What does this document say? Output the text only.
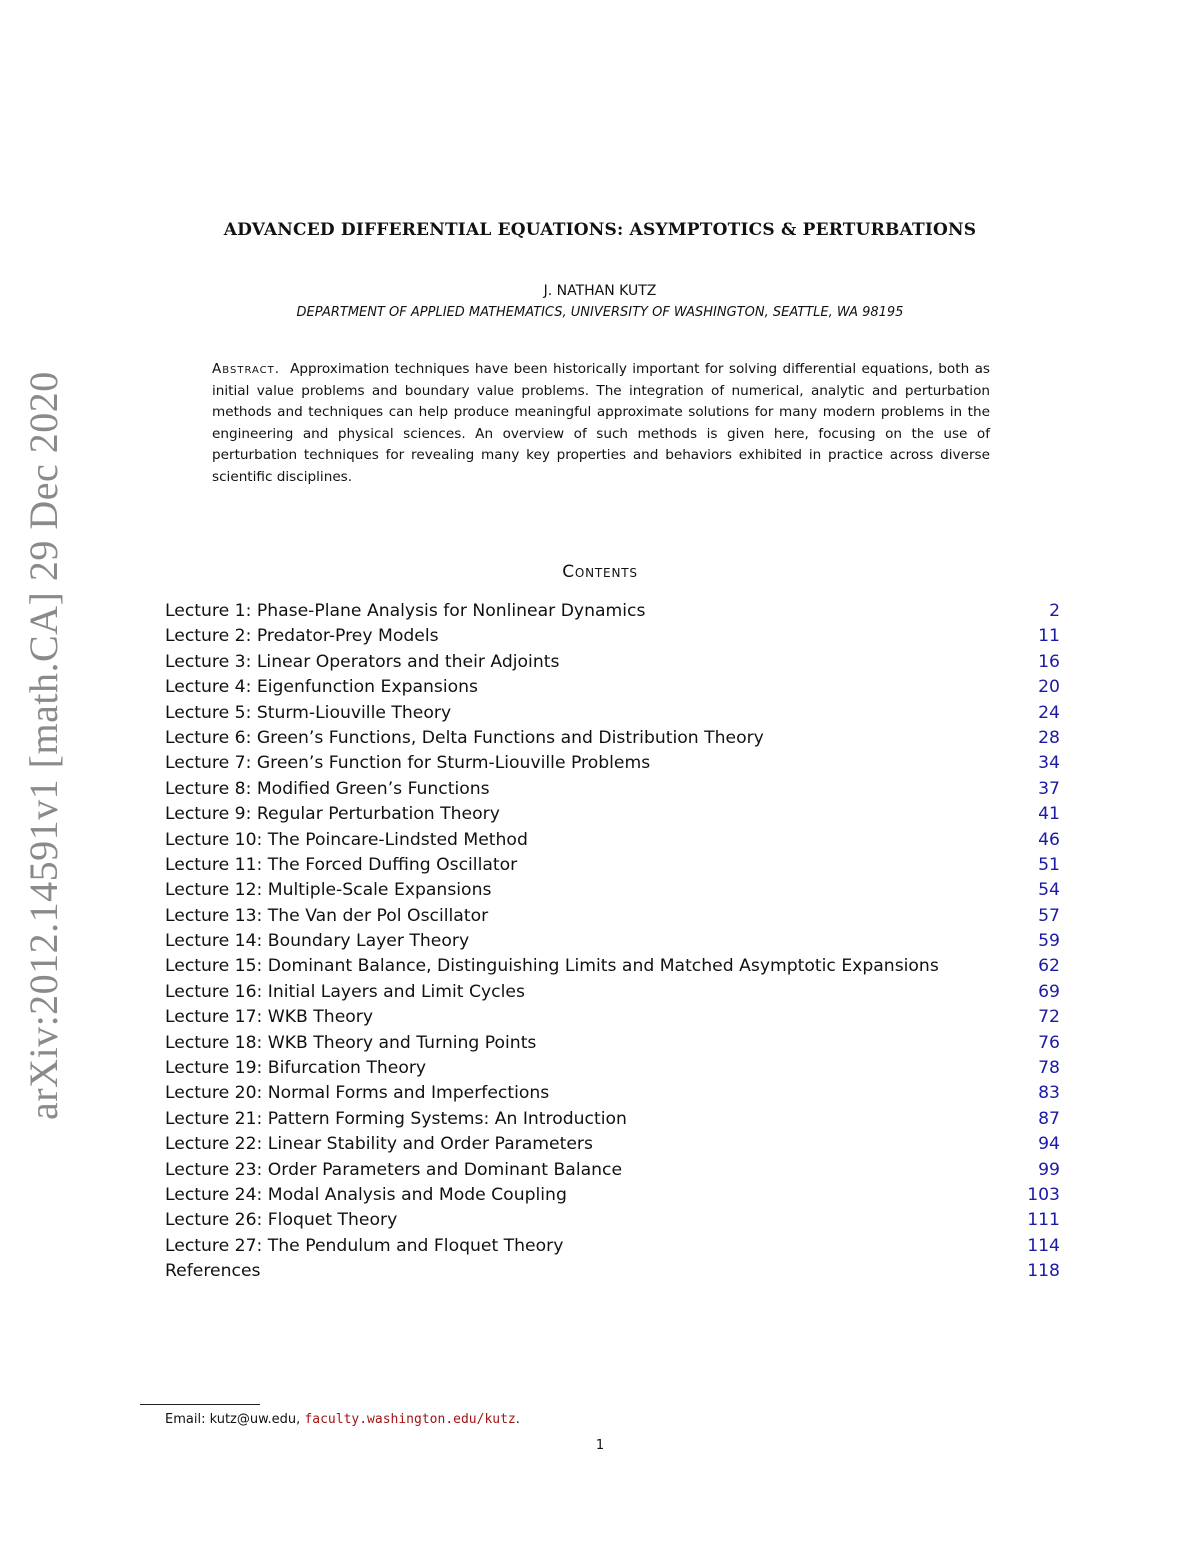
arXiv:2012.14591v1 [math.CA] 29 Dec 2020
ADVANCED DIFFERENTIAL EQUATIONS: ASYMPTOTICS & PERTURBATIONS
J. NATHAN KUTZ
DEPARTMENT OF APPLIED MATHEMATICS, UNIVERSITY OF WASHINGTON, SEATTLE, WA 98195
Abstract. Approximation techniques have been historically important for solving differential equations, both as initial value problems and boundary value problems. The integration of numerical, analytic and perturbation methods and techniques can help produce meaningful approximate solutions for many modern problems in the engineering and physical sciences. An overview of such methods is given here, focusing on the use of perturbation techniques for revealing many key properties and behaviors exhibited in practice across diverse scientific disciplines.
Contents
Lecture 1: Phase-Plane Analysis for Nonlinear Dynamics	2
Lecture 2: Predator-Prey Models	11
Lecture 3: Linear Operators and their Adjoints	16
Lecture 4: Eigenfunction Expansions	20
Lecture 5: Sturm-Liouville Theory	24
Lecture 6: Green’s Functions, Delta Functions and Distribution Theory	28
Lecture 7: Green’s Function for Sturm-Liouville Problems	34
Lecture 8: Modified Green’s Functions	37
Lecture 9: Regular Perturbation Theory	41
Lecture 10: The Poincare-Lindsted Method	46
Lecture 11: The Forced Duffing Oscillator	51
Lecture 12: Multiple-Scale Expansions	54
Lecture 13: The Van der Pol Oscillator	57
Lecture 14: Boundary Layer Theory	59
Lecture 15: Dominant Balance, Distinguishing Limits and Matched Asymptotic Expansions	62
Lecture 16: Initial Layers and Limit Cycles	69
Lecture 17: WKB Theory	72
Lecture 18: WKB Theory and Turning Points	76
Lecture 19: Bifurcation Theory	78
Lecture 20: Normal Forms and Imperfections	83
Lecture 21: Pattern Forming Systems: An Introduction	87
Lecture 22: Linear Stability and Order Parameters	94
Lecture 23: Order Parameters and Dominant Balance	99
Lecture 24: Modal Analysis and Mode Coupling	103
Lecture 26: Floquet Theory	111
Lecture 27: The Pendulum and Floquet Theory	114
References	118
Email: kutz@uw.edu, faculty.washington.edu/kutz.
1
